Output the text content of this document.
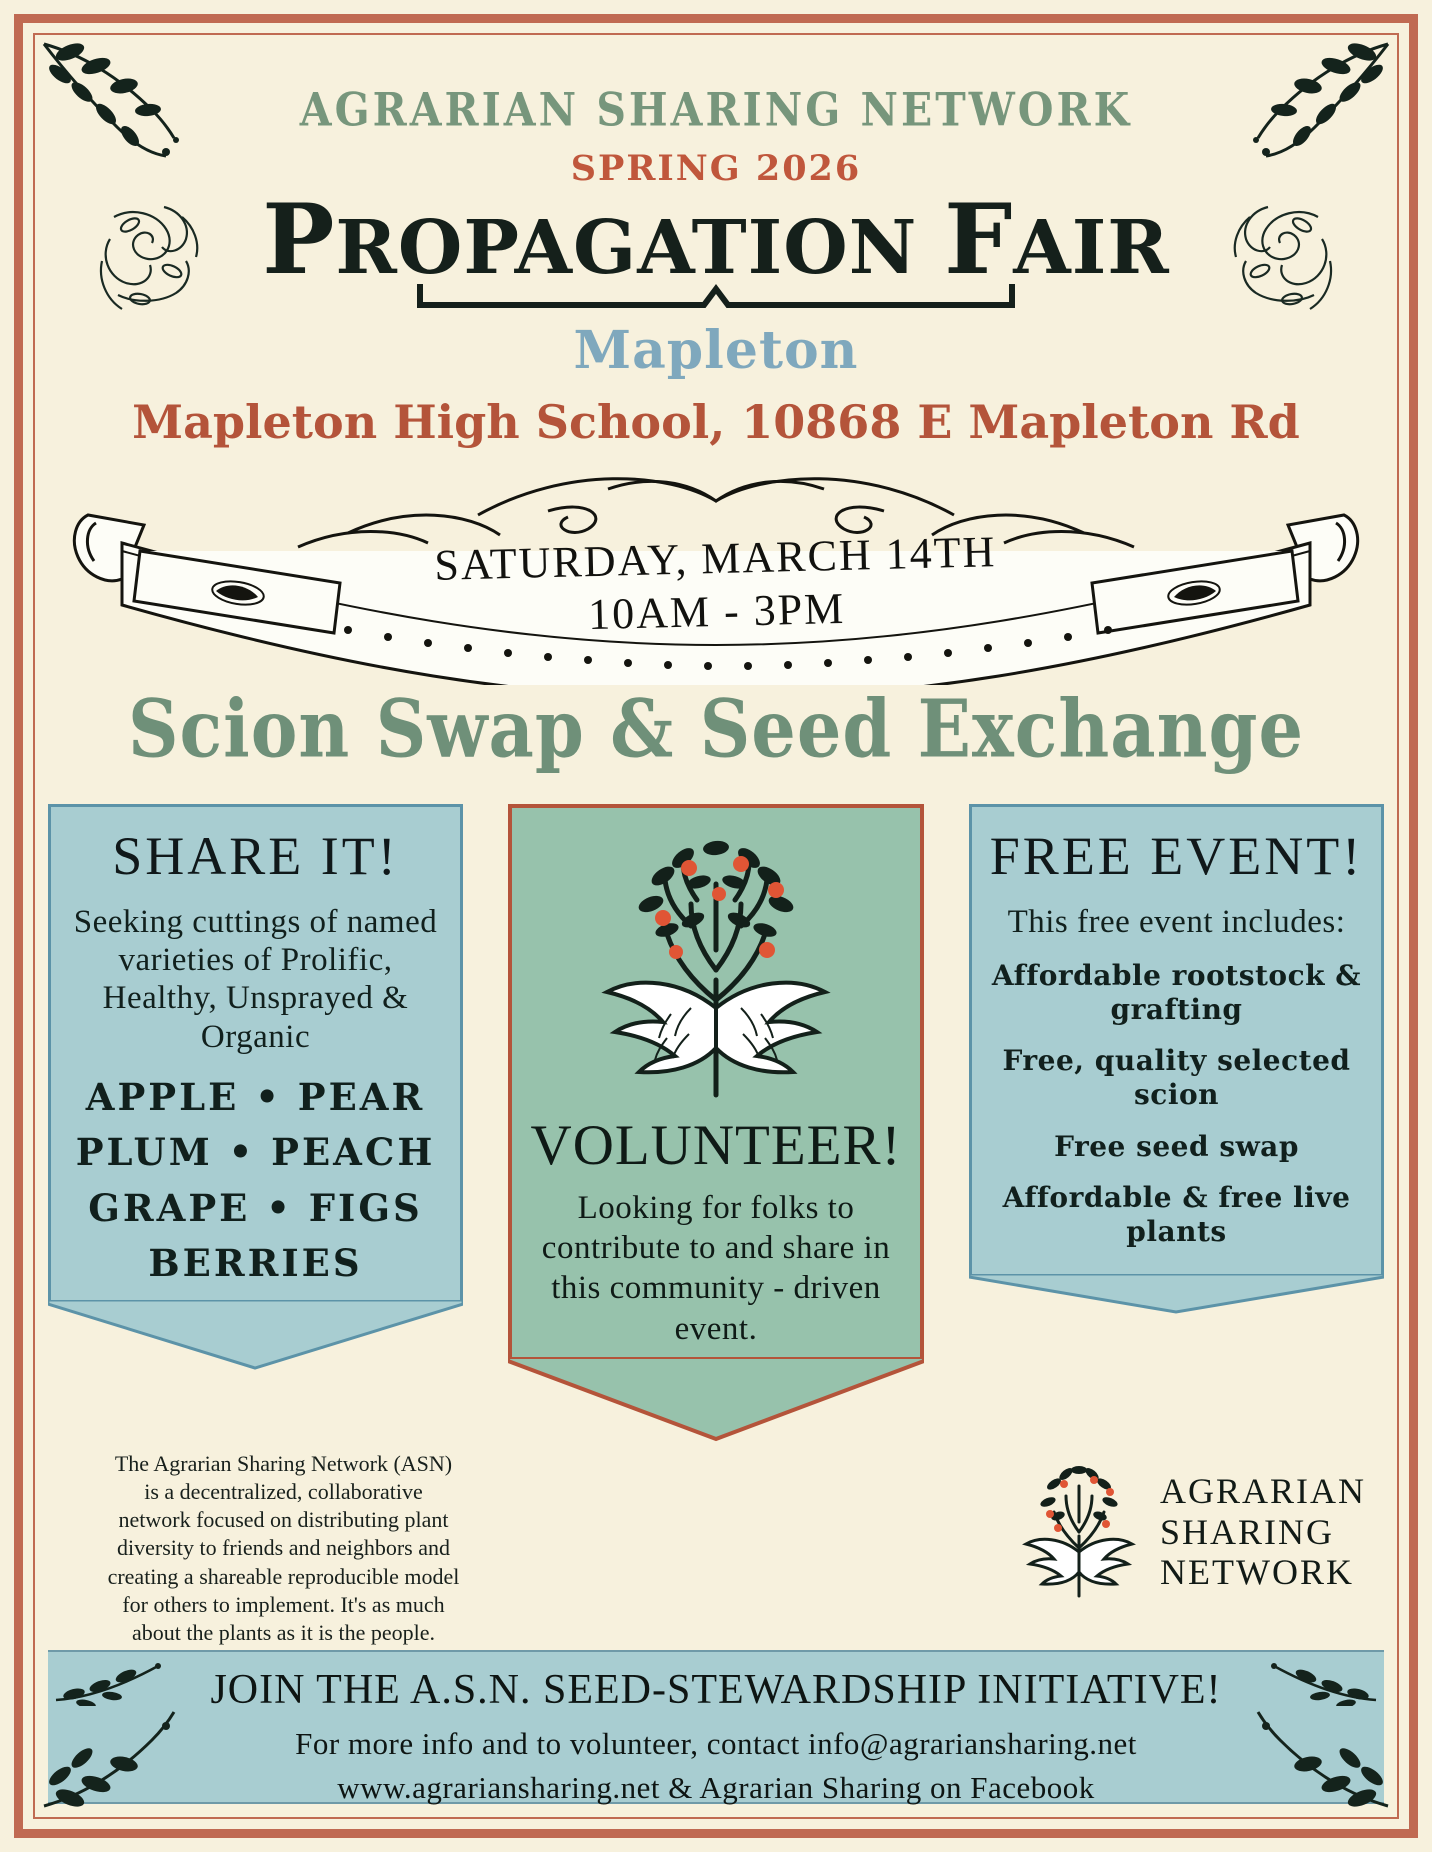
AGRARIAN SHARING NETWORK
SPRING 2026
PROPAGATION FAIR
Mapleton
Mapleton High School, 10868 E Mapleton Rd
SATURDAY, MARCH 14TH
10AM - 3PM
Scion Swap & Seed Exchange
SHARE IT!
Seeking cuttings of named varieties of Prolific, Healthy, Unsprayed & Organic
APPLE • PEAR
PLUM • PEACH
GRAPE • FIGS
BERRIES
VOLUNTEER!
Looking for folks to contribute to and share in this community - driven event.
FREE EVENT!
This free event includes:
Affordable rootstock & grafting
Free, quality selected scion
Free seed swap
Affordable & free live plants
The Agrarian Sharing Network (ASN) is a decentralized, collaborative network focused on distributing plant diversity to friends and neighbors and creating a shareable reproducible model for others to implement. It's as much about the plants as it is the people.
AGRARIAN
SHARING
NETWORK
JOIN THE A.S.N. SEED-STEWARDSHIP INITIATIVE!
For more info and to volunteer, contact info@agrariansharing.net
www.agrariansharing.net & Agrarian Sharing on Facebook
